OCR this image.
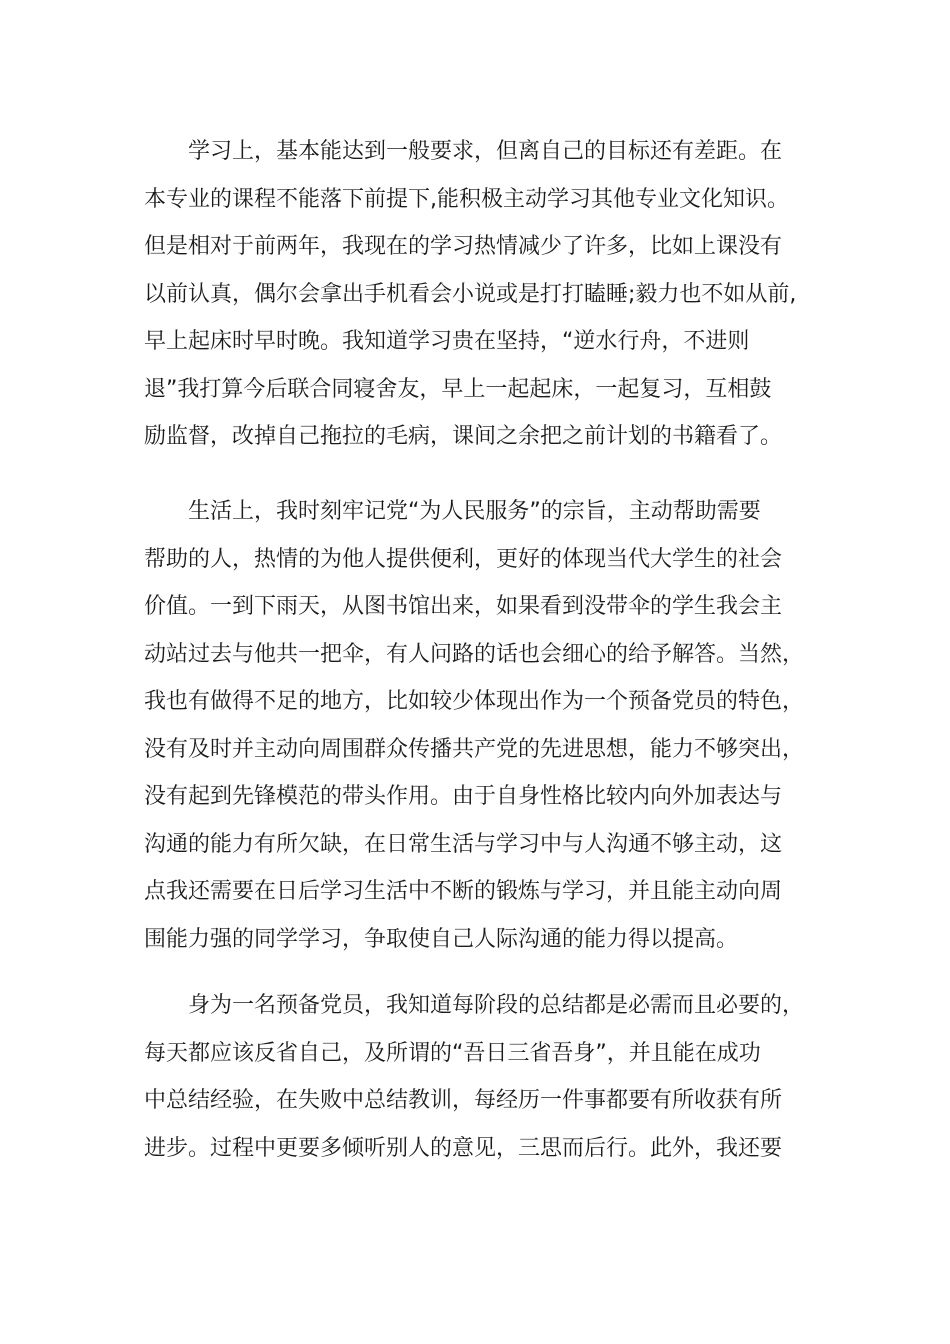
学习上，基本能达到一般要求，但离自己的目标还有差距。在
本专业的课程不能落下前提下,能积极主动学习其他专业文化知识。
但是相对于前两年，我现在的学习热情减少了许多，比如上课没有
以前认真，偶尔会拿出手机看会小说或是打打瞌睡;毅力也不如从前,
早上起床时早时晚。我知道学习贵在坚持，“逆水行舟，不进则
退”我打算今后联合同寝舍友，早上一起起床，一起复习，互相鼓
励监督，改掉自己拖拉的毛病，课间之余把之前计划的书籍看了。

生活上，我时刻牢记党“为人民服务”的宗旨，主动帮助需要
帮助的人，热情的为他人提供便利，更好的体现当代大学生的社会
价值。一到下雨天，从图书馆出来，如果看到没带伞的学生我会主
动站过去与他共一把伞，有人问路的话也会细心的给予解答。当然，
我也有做得不足的地方，比如较少体现出作为一个预备党员的特色，
没有及时并主动向周围群众传播共产党的先进思想，能力不够突出，
没有起到先锋模范的带头作用。由于自身性格比较内向外加表达与
沟通的能力有所欠缺，在日常生活与学习中与人沟通不够主动，这
点我还需要在日后学习生活中不断的锻炼与学习，并且能主动向周
围能力强的同学学习，争取使自己人际沟通的能力得以提高。

身为一名预备党员，我知道每阶段的总结都是必需而且必要的，
每天都应该反省自己，及所谓的“吾日三省吾身”，并且能在成功
中总结经验，在失败中总结教训，每经历一件事都要有所收获有所
进步。过程中更要多倾听别人的意见，三思而后行。此外，我还要
